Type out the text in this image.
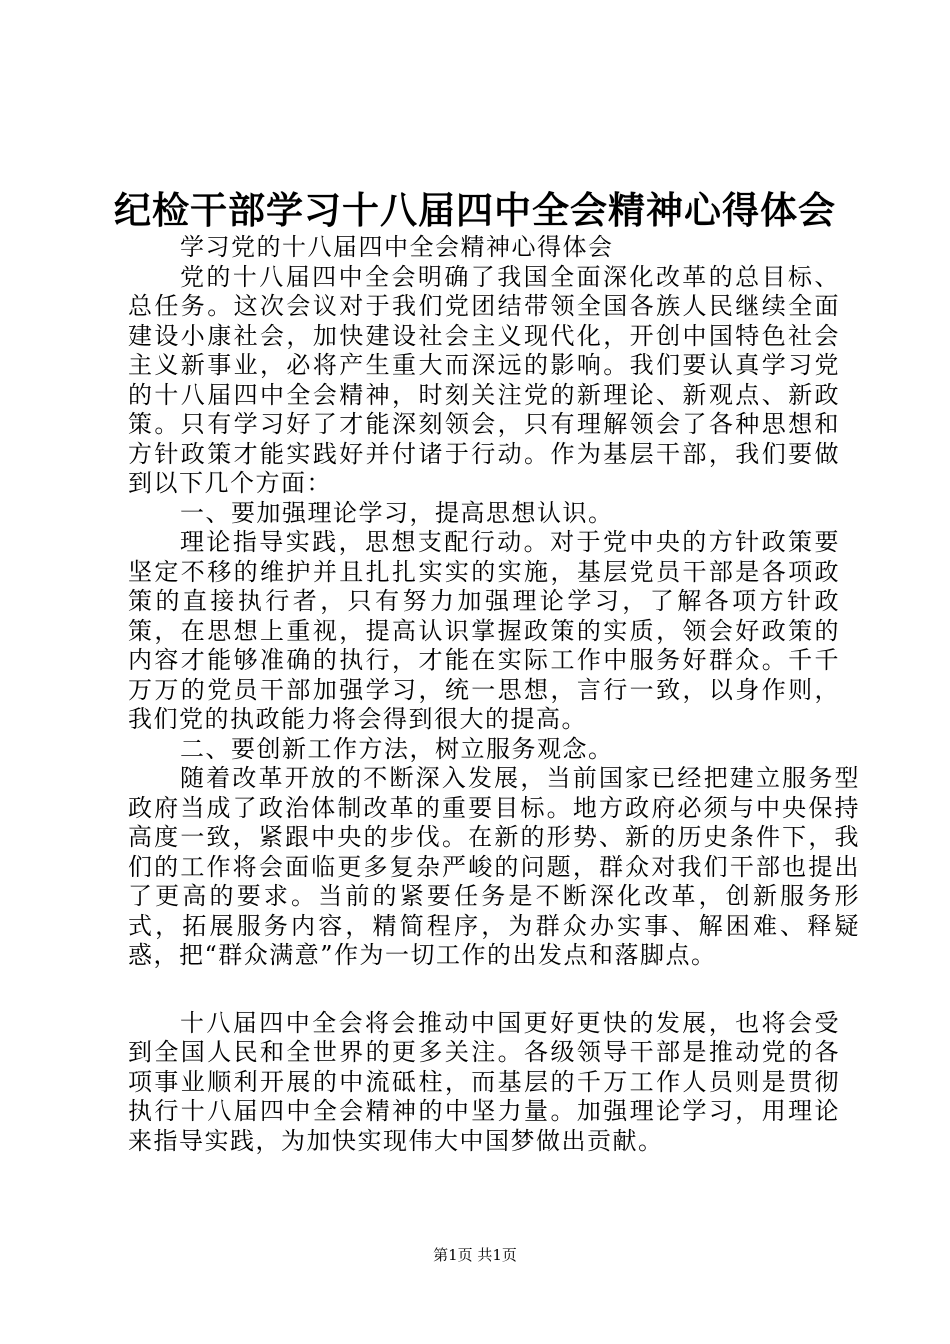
纪检干部学习十八届四中全会精神心得体会

学习党的十八届四中全会精神心得体会

党的十八届四中全会明确了我国全面深化改革的总目标、总任务。这次会议对于我们党团结带领全国各族人民继续全面建设小康社会，加快建设社会主义现代化，开创中国特色社会主义新事业，必将产生重大而深远的影响。我们要认真学习党的十八届四中全会精神，时刻关注党的新理论、新观点、新政策。只有学习好了才能深刻领会，只有理解领会了各种思想和方针政策才能实践好并付诸于行动。作为基层干部，我们要做到以下几个方面：

一、要加强理论学习，提高思想认识。

理论指导实践，思想支配行动。对于党中央的方针政策要坚定不移的维护并且扎扎实实的实施，基层党员干部是各项政策的直接执行者，只有努力加强理论学习，了解各项方针政策，在思想上重视，提高认识掌握政策的实质，领会好政策的内容才能够准确的执行，才能在实际工作中服务好群众。千千万万的党员干部加强学习，统一思想，言行一致，以身作则，我们党的执政能力将会得到很大的提高。

二、要创新工作方法，树立服务观念。

随着改革开放的不断深入发展，当前国家已经把建立服务型政府当成了政治体制改革的重要目标。地方政府必须与中央保持高度一致，紧跟中央的步伐。在新的形势、新的历史条件下，我们的工作将会面临更多复杂严峻的问题，群众对我们干部也提出了更高的要求。当前的紧要任务是不断深化改革，创新服务形式，拓展服务内容，精简程序，为群众办实事、解困难、释疑惑，把“群众满意”作为一切工作的出发点和落脚点。

十八届四中全会将会推动中国更好更快的发展，也将会受到全国人民和全世界的更多关注。各级领导干部是推动党的各项事业顺利开展的中流砥柱，而基层的千万工作人员则是贯彻执行十八届四中全会精神的中坚力量。加强理论学习，用理论来指导实践，为加快实现伟大中国梦做出贡献。

第1页 共1页
